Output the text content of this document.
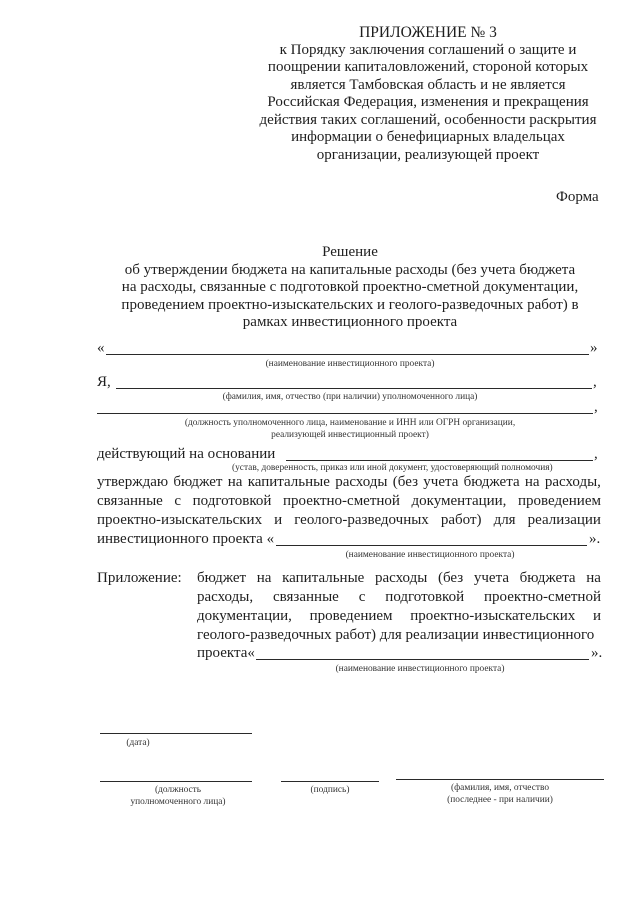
ПРИЛОЖЕНИЕ № 3
к Порядку заключения соглашений о защите и
поощрении капиталовложений, стороной которых
является Тамбовская область и не является
Российская Федерация, изменения и прекращения
действия таких соглашений, особенности раскрытия
информации о бенефициарных владельцах
организации, реализующей проект
Форма
Решение
об утверждении бюджета на капитальные расходы (без учета бюджета
на расходы, связанные с подготовкой проектно-сметной документации,
проведением проектно-изыскательских и геолого-разведочных работ) в
рамках инвестиционного проекта
«	»
(наименование инвестиционного проекта)
Я,	,
(фамилия, имя, отчество (при наличии) уполномоченного лица)
,
(должность уполномоченного лица, наименование и ИНН или ОГРН организации,
реализующей инвестиционный проект)
действующий на основании	,
(устав, доверенность, приказ или иной документ, удостоверяющий полномочия)
утверждаю бюджет на капитальные расходы (без учета бюджета на расходы,
связанные с подготовкой проектно-сметной документации, проведением
проектно-изыскательских и геолого-разведочных работ) для реализации
инвестиционного проекта «	».
(наименование инвестиционного проекта)
Приложение: бюджет на капитальные расходы (без учета бюджета на
расходы, связанные с подготовкой проектно-сметной
документации, проведением проектно-изыскательских и
геолого-разведочных работ) для реализации инвестиционного
проекта«	».
(наименование инвестиционного проекта)
(дата)
(должность
уполномоченного лица)
(подпись)	(фамилия, имя, отчество
(последнее - при наличии)
